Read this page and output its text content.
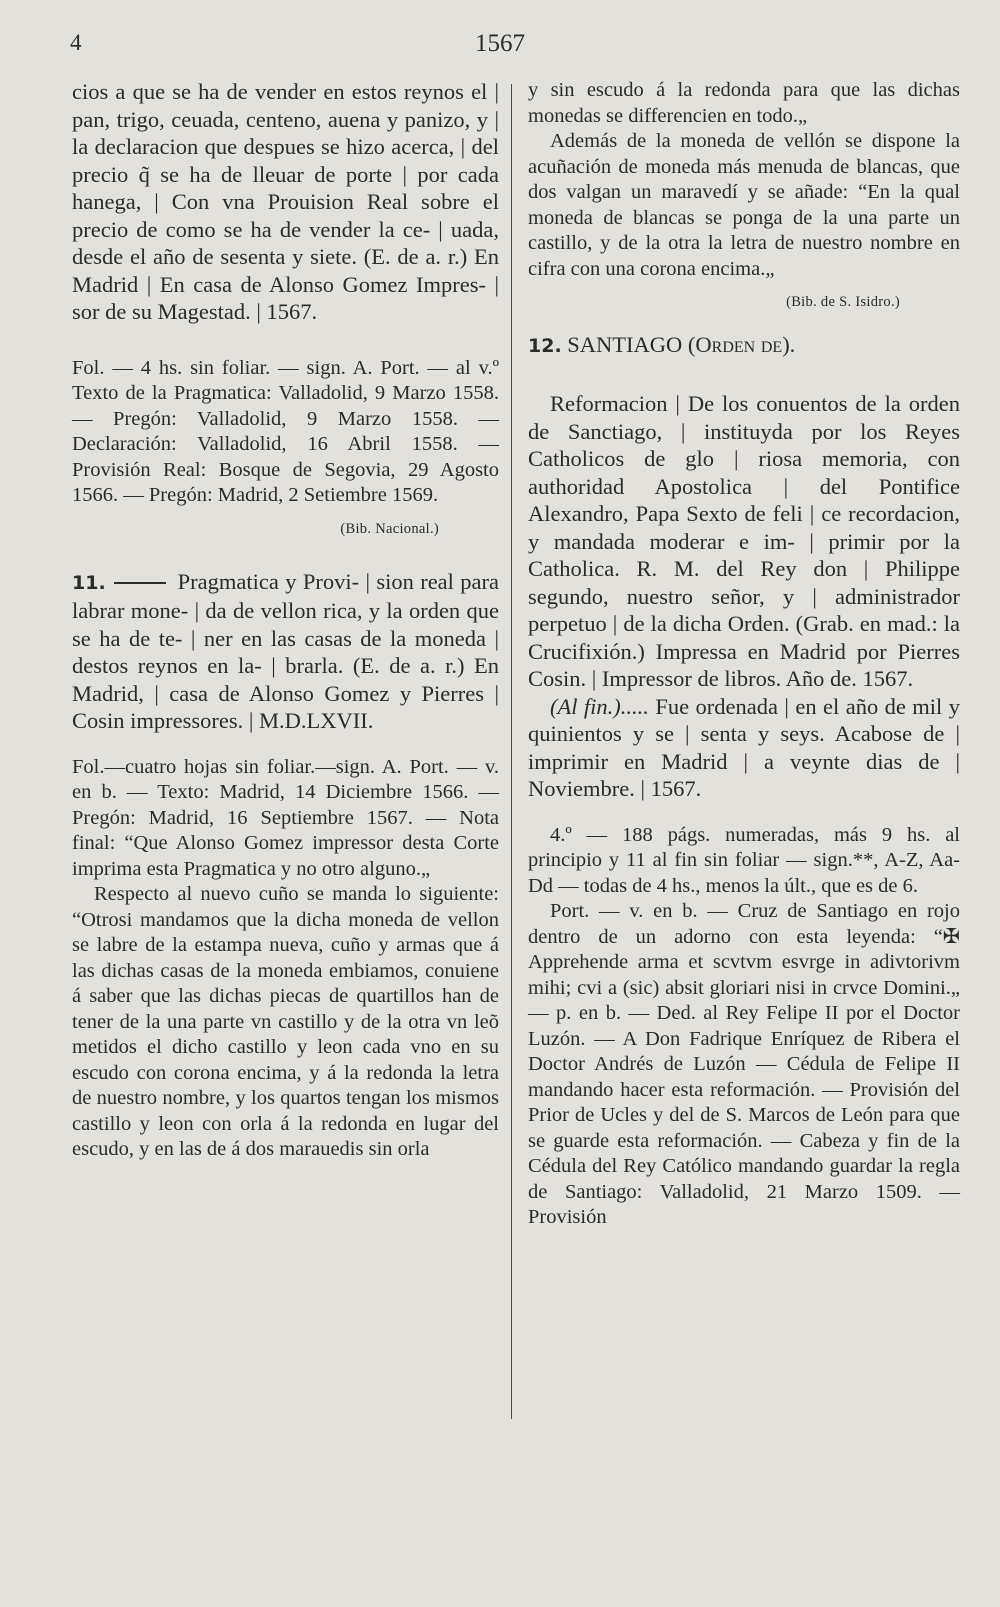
4	1567

cios a que se ha de vender en estos reynos el | pan, trigo, ceuada, centeno, auena y panizo, y | la declaracion que despues se hizo acerca, | del precio q̃ se ha de lleuar de porte | por cada hanega, | Con vna Prouision Real sobre el precio de como se ha de vender la ce- | uada, desde el año de sesenta y siete. (E. de a. r.) En Madrid | En casa de Alonso Gomez Impres- | sor de su Magestad. | 1567.

Fol. — 4 hs. sin foliar. — sign. A. Port. — al v.º Texto de la Pragmatica: Valladolid, 9 Marzo 1558. — Pregón: Valladolid, 9 Marzo 1558. — Declaración: Valladolid, 16 Abril 1558. — Provisión Real: Bosque de Segovia, 29 Agosto 1566. — Pregón: Madrid, 2 Setiembre 1569.

(Bib. Nacional.)

11.	Pragmatica y Provi- | sion real para labrar mone- | da de vellon rica, y la orden que se ha de te- | ner en las casas de la moneda | destos reynos en la- | brarla. (E. de a. r.) En Madrid, | casa de Alonso Gomez y Pierres | Cosin impressores. | M.D.LXVII.

Fol.—cuatro hojas sin foliar.—sign. A. Port. — v. en b. — Texto: Madrid, 14 Diciembre 1566. — Pregón: Madrid, 16 Septiembre 1567. — Nota final: “Que Alonso Gomez impressor desta Corte imprima esta Pragmatica y no otro alguno.„

Respecto al nuevo cuño se manda lo siguiente: “Otrosi mandamos que la dicha moneda de vellon se labre de la estampa nueva, cuño y armas que á las dichas casas de la moneda embiamos, conuiene á saber que las dichas piecas de quartillos han de tener de la una parte vn castillo y de la otra vn leõ metidos el dicho castillo y leon cada vno en su escudo con corona encima, y á la redonda la letra de nuestro nombre, y los quartos tengan los mismos castillo y leon con orla á la redonda en lugar del escudo, y en las de á dos marauedis sin orla

y sin escudo á la redonda para que las dichas monedas se differencien en todo.„

Además de la moneda de vellón se dispone la acuñación de moneda más menuda de blancas, que dos valgan un maravedí y se añade: “En la qual moneda de blancas se ponga de la una parte un castillo, y de la otra la letra de nuestro nombre en cifra con una corona encima.„

(Bib. de S. Isidro.)

12. SANTIAGO (Orden de).

Reformacion | De los conuentos de la orden de Sanctiago, | instituyda por los Reyes Catholicos de glo | riosa memoria, con authoridad Apostolica | del Pontifice Alexandro, Papa Sexto de feli | ce recordacion, y mandada moderar e im- | primir por la Catholica. R. M. del Rey don | Philippe segundo, nuestro señor, y | administrador perpetuo | de la dicha Orden. (Grab. en mad.: la Crucifixión.) Impressa en Madrid por Pierres Cosin. | Impressor de libros. Año de. 1567.

(Al fin.)..... Fue ordenada | en el año de mil y quinientos y se | senta y seys. Acabose de | imprimir en Madrid | a veynte dias de | Noviembre. | 1567.

4.º — 188 págs. numeradas, más 9 hs. al principio y 11 al fin sin foliar — sign.**, A-Z, Aa-Dd — todas de 4 hs., menos la últ., que es de 6.

Port. — v. en b. — Cruz de Santiago en rojo dentro de un adorno con esta leyenda: “✠ Apprehende arma et scvtvm esvrge in adivtorivm mihi; cvi a (sic) absit gloriari nisi in crvce Domini.„ — p. en b. — Ded. al Rey Felipe II por el Doctor Luzón. — A Don Fadrique Enríquez de Ribera el Doctor Andrés de Luzón — Cédula de Felipe II mandando hacer esta reformación. — Provisión del Prior de Ucles y del de S. Marcos de León para que se guarde esta reformación. — Cabeza y fin de la Cédula del Rey Católico mandando guardar la regla de Santiago: Valladolid, 21 Marzo 1509. — Provisión
